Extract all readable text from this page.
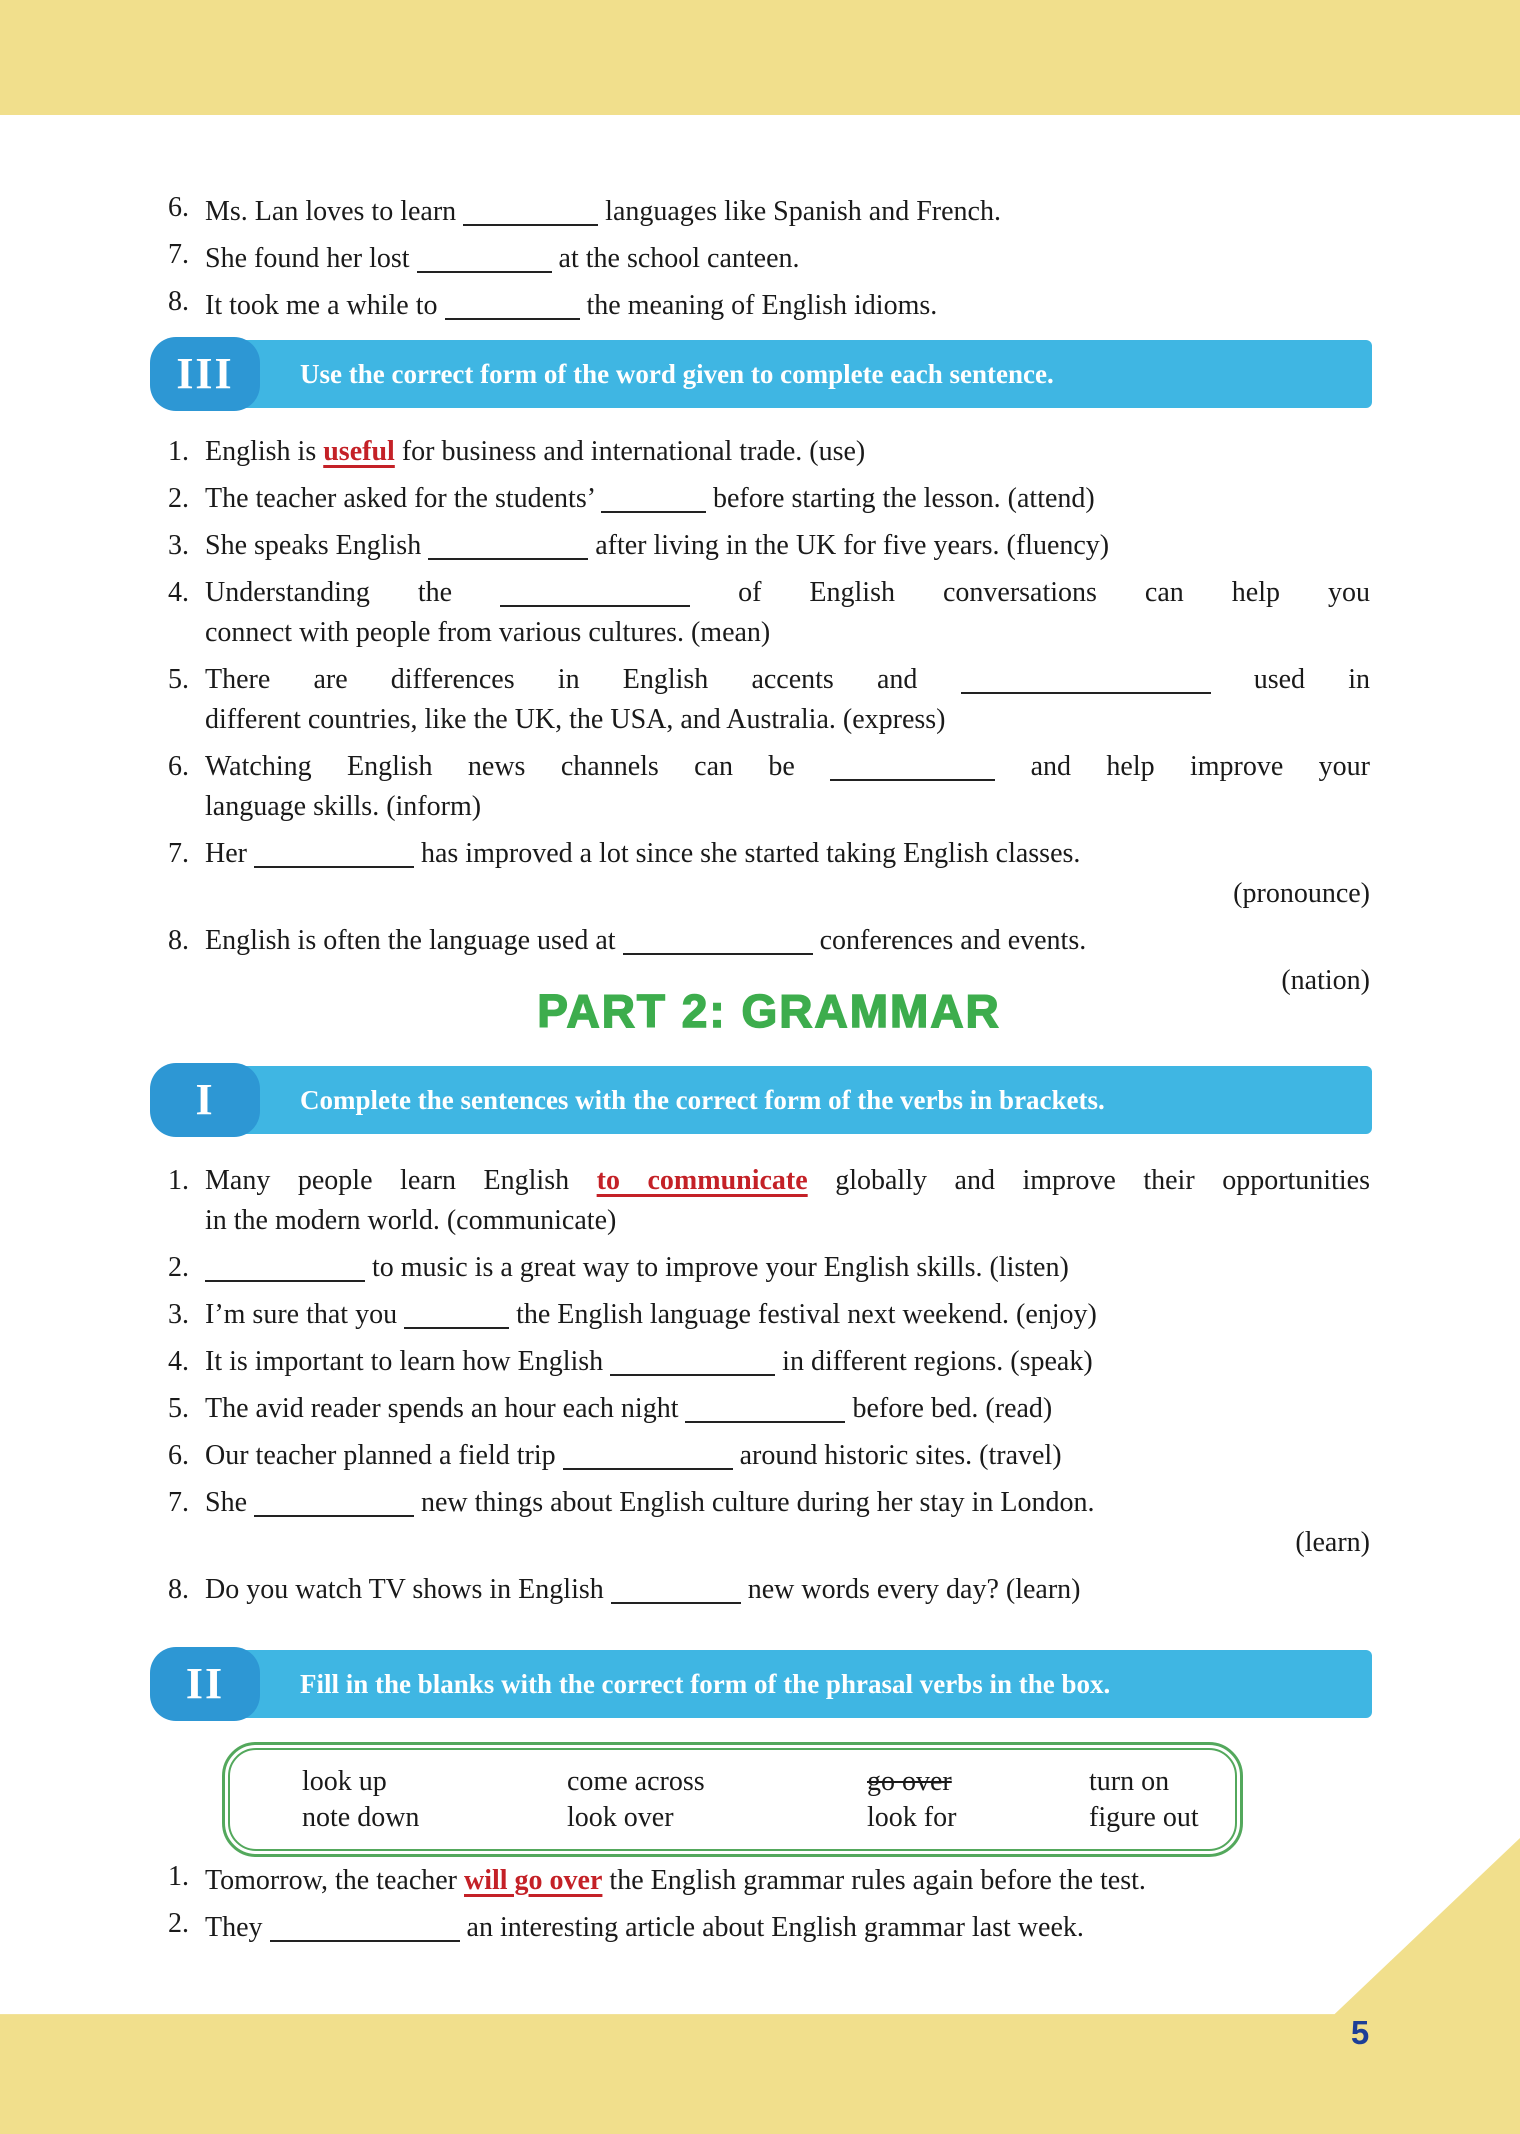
5
6. Ms. Lan loves to learn	languages like Spanish and French.
7. She found her lost	at the school canteen.
8. It took me a while to	the meaning of English idioms.
III	Use the correct form of the word given to complete each sentence.
1. English is useful for business and international trade. (use)
2. The teacher asked for the students’	before starting the lesson. (attend)
3. She speaks English	after living in the UK for five years. (fluency)
4. Understanding the	of English conversations can help you
connect with people from various cultures. (mean)
5. There are differences in English accents and	used in
different countries, like the UK, the USA, and Australia. (express)
6. Watching English news channels can be	and help improve your
language skills. (inform)
7. Her	has improved a lot since she started taking English classes.
(pronounce)
8. English is often the language used at	conferences and events.
(nation)
PART 2: GRAMMAR
I	Complete the sentences with the correct form of the verbs in brackets.
1. Many people learn English to communicate globally and improve their opportunities
in the modern world. (communicate)
2.	to music is a great way to improve your English skills. (listen)
3. I’m sure that you	the English language festival next weekend. (enjoy)
4. It is important to learn how English	in different regions. (speak)
5. The avid reader spends an hour each night	before bed. (read)
6. Our teacher planned a field trip	around historic sites. (travel)
7. She	new things about English culture during her stay in London.
(learn)
8. Do you watch TV shows in English	new words every day? (learn)
II	Fill in the blanks with the correct form of the phrasal verbs in the box.
look up	come across	go over	turn on
note down	look over	look for	figure out
1. Tomorrow, the teacher will go over the English grammar rules again before the test.
2. They	an interesting article about English grammar last week.
